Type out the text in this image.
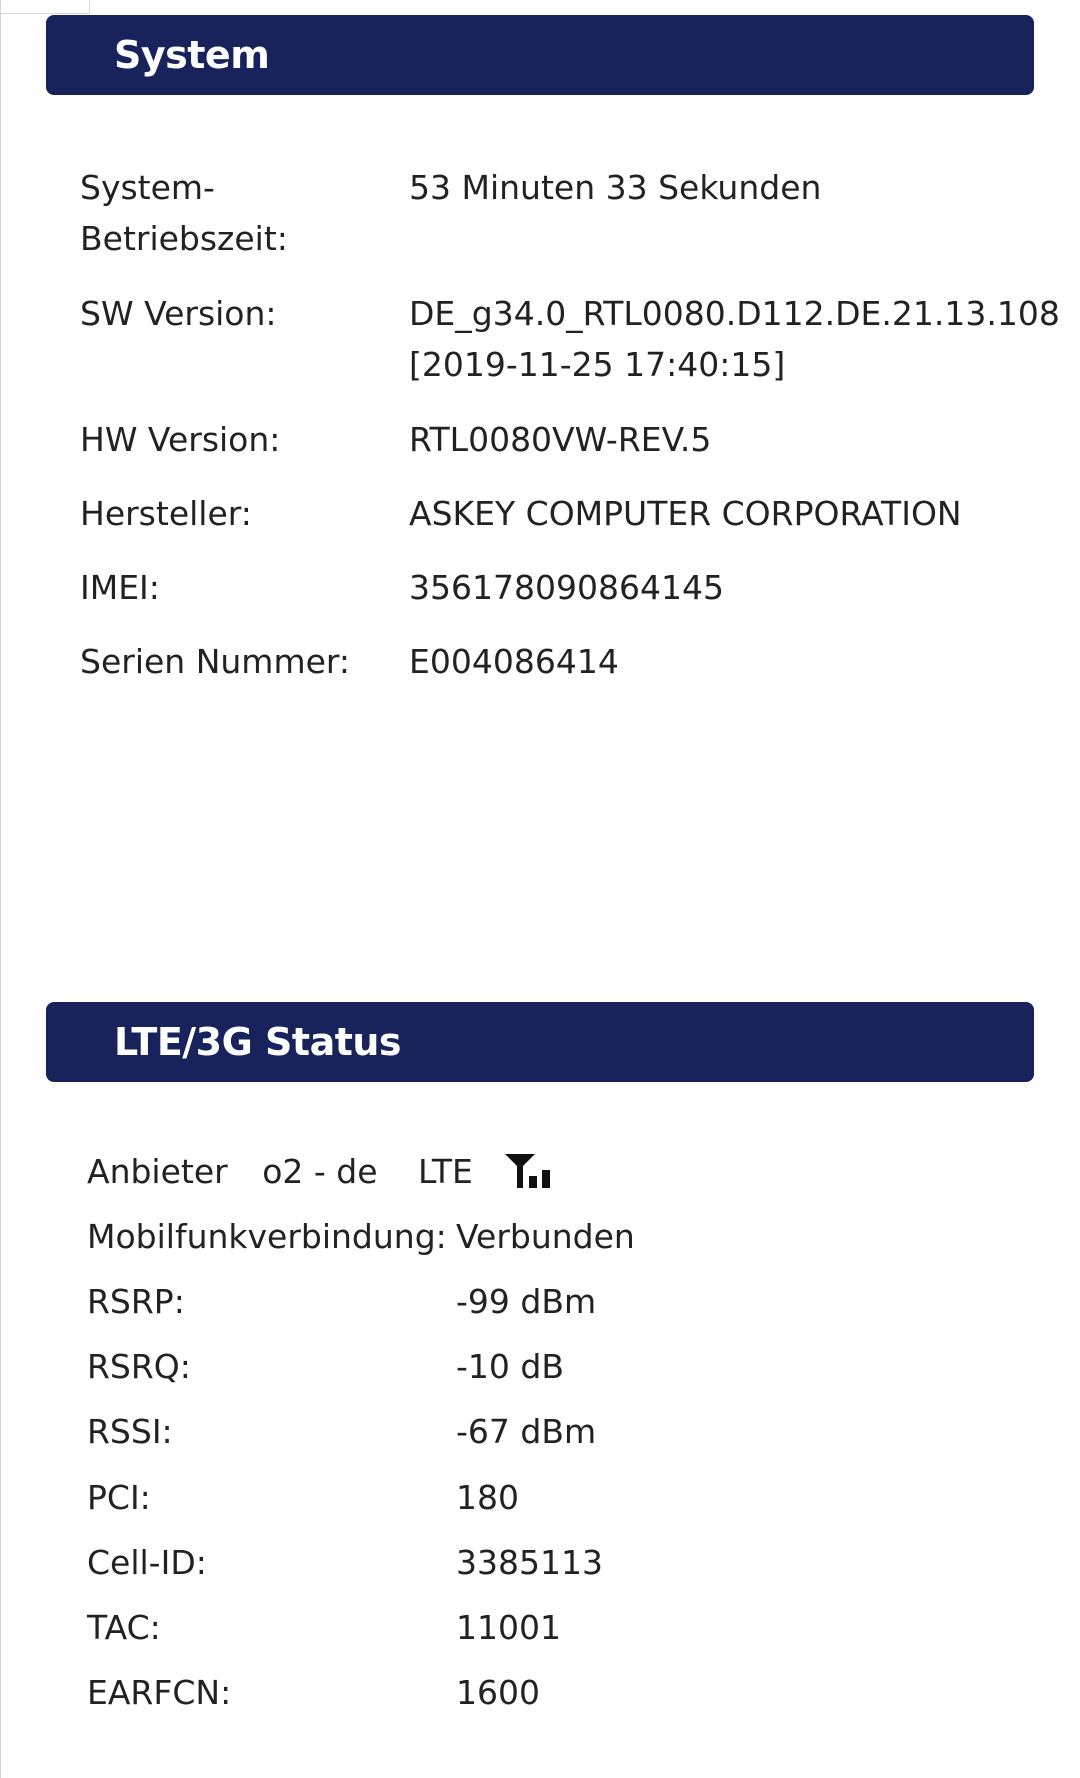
System
System-
Betriebszeit:
53 Minuten 33 Sekunden
SW Version:	DE_g34.0_RTL0080.D112.DE.21.13.108
[2019-11-25 17:40:15]
HW Version:	RTL0080VW-REV.5
Hersteller:	ASKEY COMPUTER CORPORATION
IMEI:	356178090864145
Serien Nummer: E004086414
LTE/3G Status
Anbieter o2 - de LTE
Mobilfunkverbindung: Verbunden
RSRP:	-99 dBm
RSRQ:	-10 dB
RSSI:	-67 dBm
PCI:	180
Cell-ID:	3385113
TAC:	11001
EARFCN:	1600
